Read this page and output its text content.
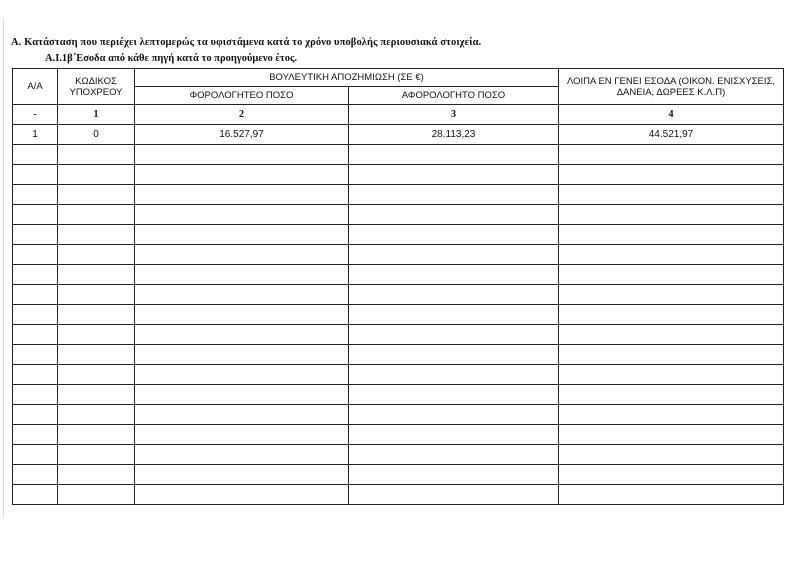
Α. Κατάσταση που περιέχει λεπτομερώς τα υφιστάμενα κατά το χρόνο υποβολής περιουσιακά στοιχεία.
Α.Ι.1β΄Εσοδα από κάθε πηγή κατά το προηγούμενο έτος.
Α/Α	ΚΩΔΙΚΟΣ ΥΠΟΧΡΕΟΥ	ΒΟΥΛΕΥΤΙΚΗ ΑΠΟΖΗΜΙΩΣΗ (ΣΕ €)		ΛΟΙΠΑ ΕΝ ΓΕΝΕΙ ΕΣΟΔΑ (ΟΙΚΟΝ. ΕΝΙΣΧΥΣΕΙΣ, ΔΑΝΕΙΑ, ΔΩΡΕΕΣ Κ.Λ.Π)
		ΦΟΡΟΛΟΓΗΤΕΟ ΠΟΣΟ	ΑΦΟΡΟΛΟΓΗΤΟ ΠΟΣΟ	
-	1	2	3	4
1	0	16.527,97	28.113,23	44.521,97
